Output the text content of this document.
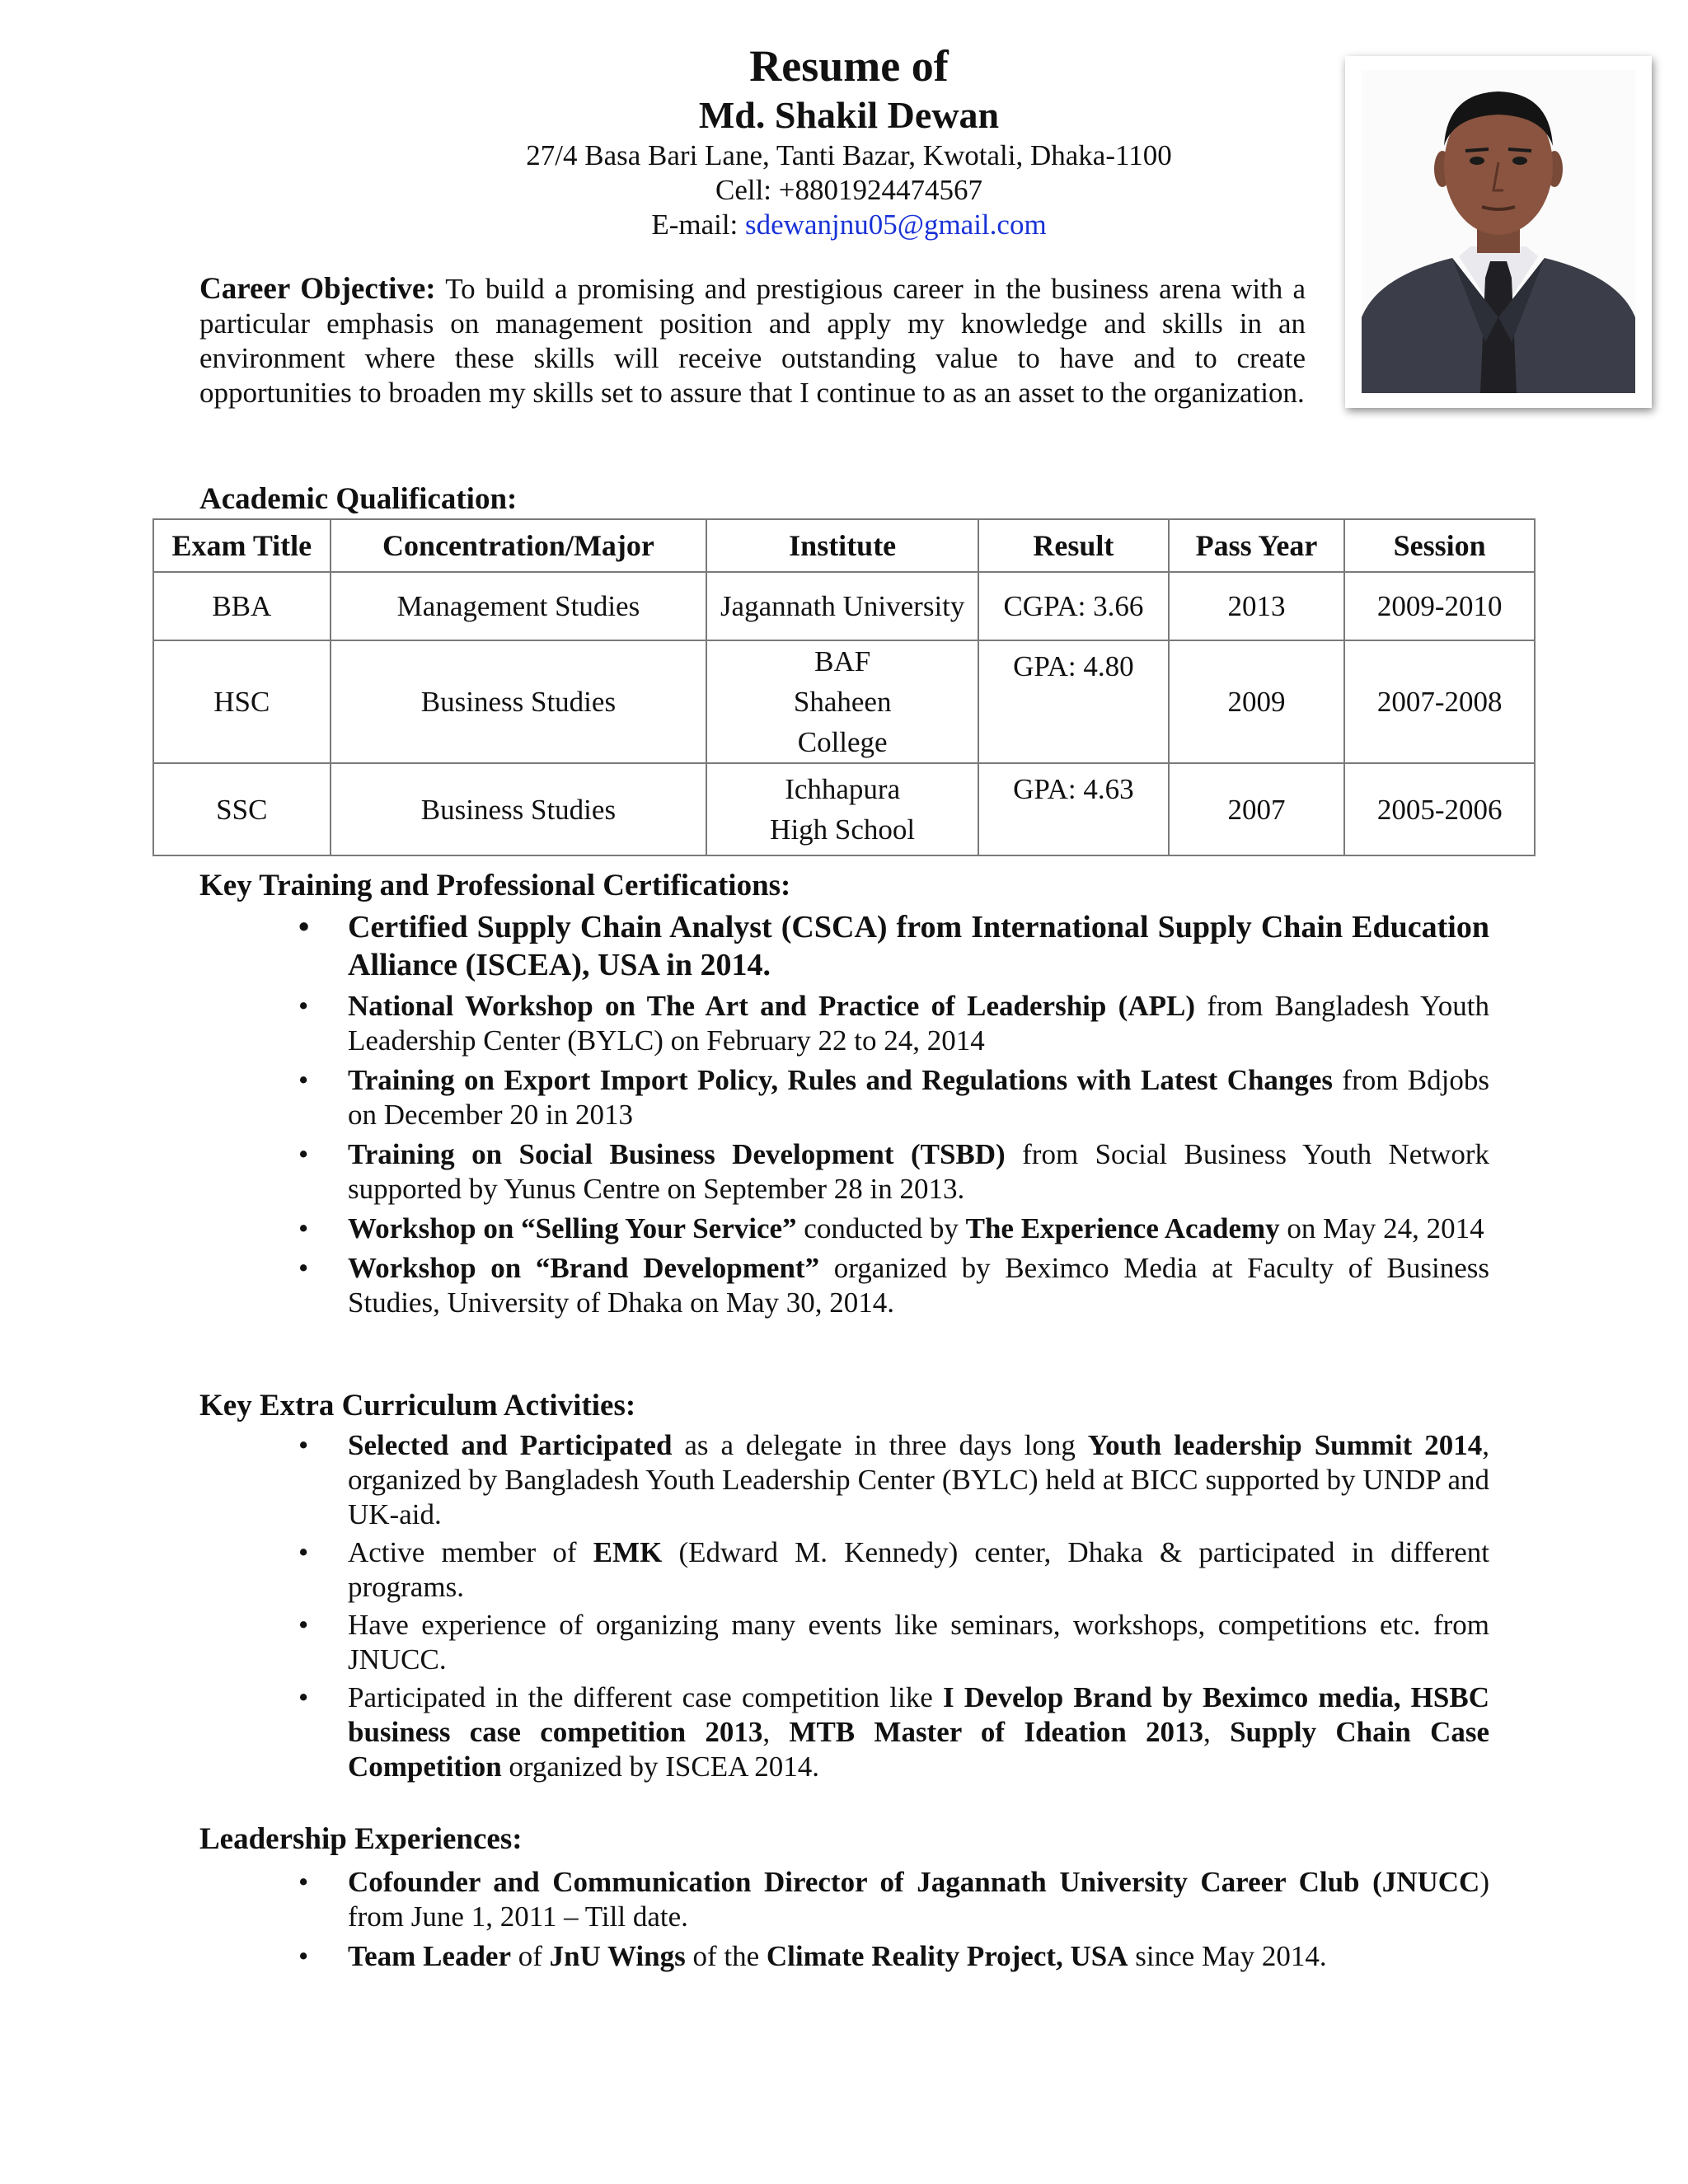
Resume of
Md. Shakil Dewan
27/4 Basa Bari Lane, Tanti Bazar, Kwotali, Dhaka-1100
Cell: +8801924474567
E-mail: sdewanjnu05@gmail.com
Career Objective: To build a promising and prestigious career in the business arena with a particular emphasis on management position and apply my knowledge and skills in an environment where these skills will receive outstanding value to have and to create opportunities to broaden my skills set to assure that I continue to as an asset to the organization.
Academic Qualification:
Exam Title	Concentration/Major	Institute	Result	Pass Year	Session
BBA	Management Studies	Jagannath University	CGPA: 3.66	2013	2009-2010
HSC	Business Studies	BAF Shaheen College	GPA: 4.80	2009	2007-2008
SSC	Business Studies	Ichhapura High School	GPA: 4.63	2007	2005-2006
Key Training and Professional Certifications:
• Certified Supply Chain Analyst (CSCA) from International Supply Chain Education Alliance (ISCEA), USA in 2014.
• National Workshop on The Art and Practice of Leadership (APL) from Bangladesh Youth Leadership Center (BYLC) on February 22 to 24, 2014
• Training on Export Import Policy, Rules and Regulations with Latest Changes from Bdjobs on December 20 in 2013
• Training on Social Business Development (TSBD) from Social Business Youth Network supported by Yunus Centre on September 28 in 2013.
• Workshop on “Selling Your Service” conducted by The Experience Academy on May 24, 2014
• Workshop on “Brand Development” organized by Beximco Media at Faculty of Business Studies, University of Dhaka on May 30, 2014.
Key Extra Curriculum Activities:
• Selected and Participated as a delegate in three days long Youth leadership Summit 2014, organized by Bangladesh Youth Leadership Center (BYLC) held at BICC supported by UNDP and UK-aid.
• Active member of EMK (Edward M. Kennedy) center, Dhaka & participated in different programs.
• Have experience of organizing many events like seminars, workshops, competitions etc. from JNUCC.
• Participated in the different case competition like I Develop Brand by Beximco media, HSBC business case competition 2013, MTB Master of Ideation 2013, Supply Chain Case Competition organized by ISCEA 2014.
Leadership Experiences:
• Cofounder and Communication Director of Jagannath University Career Club (JNUCC) from June 1, 2011 – Till date.
• Team Leader of JnU Wings of the Climate Reality Project, USA since May 2014.
